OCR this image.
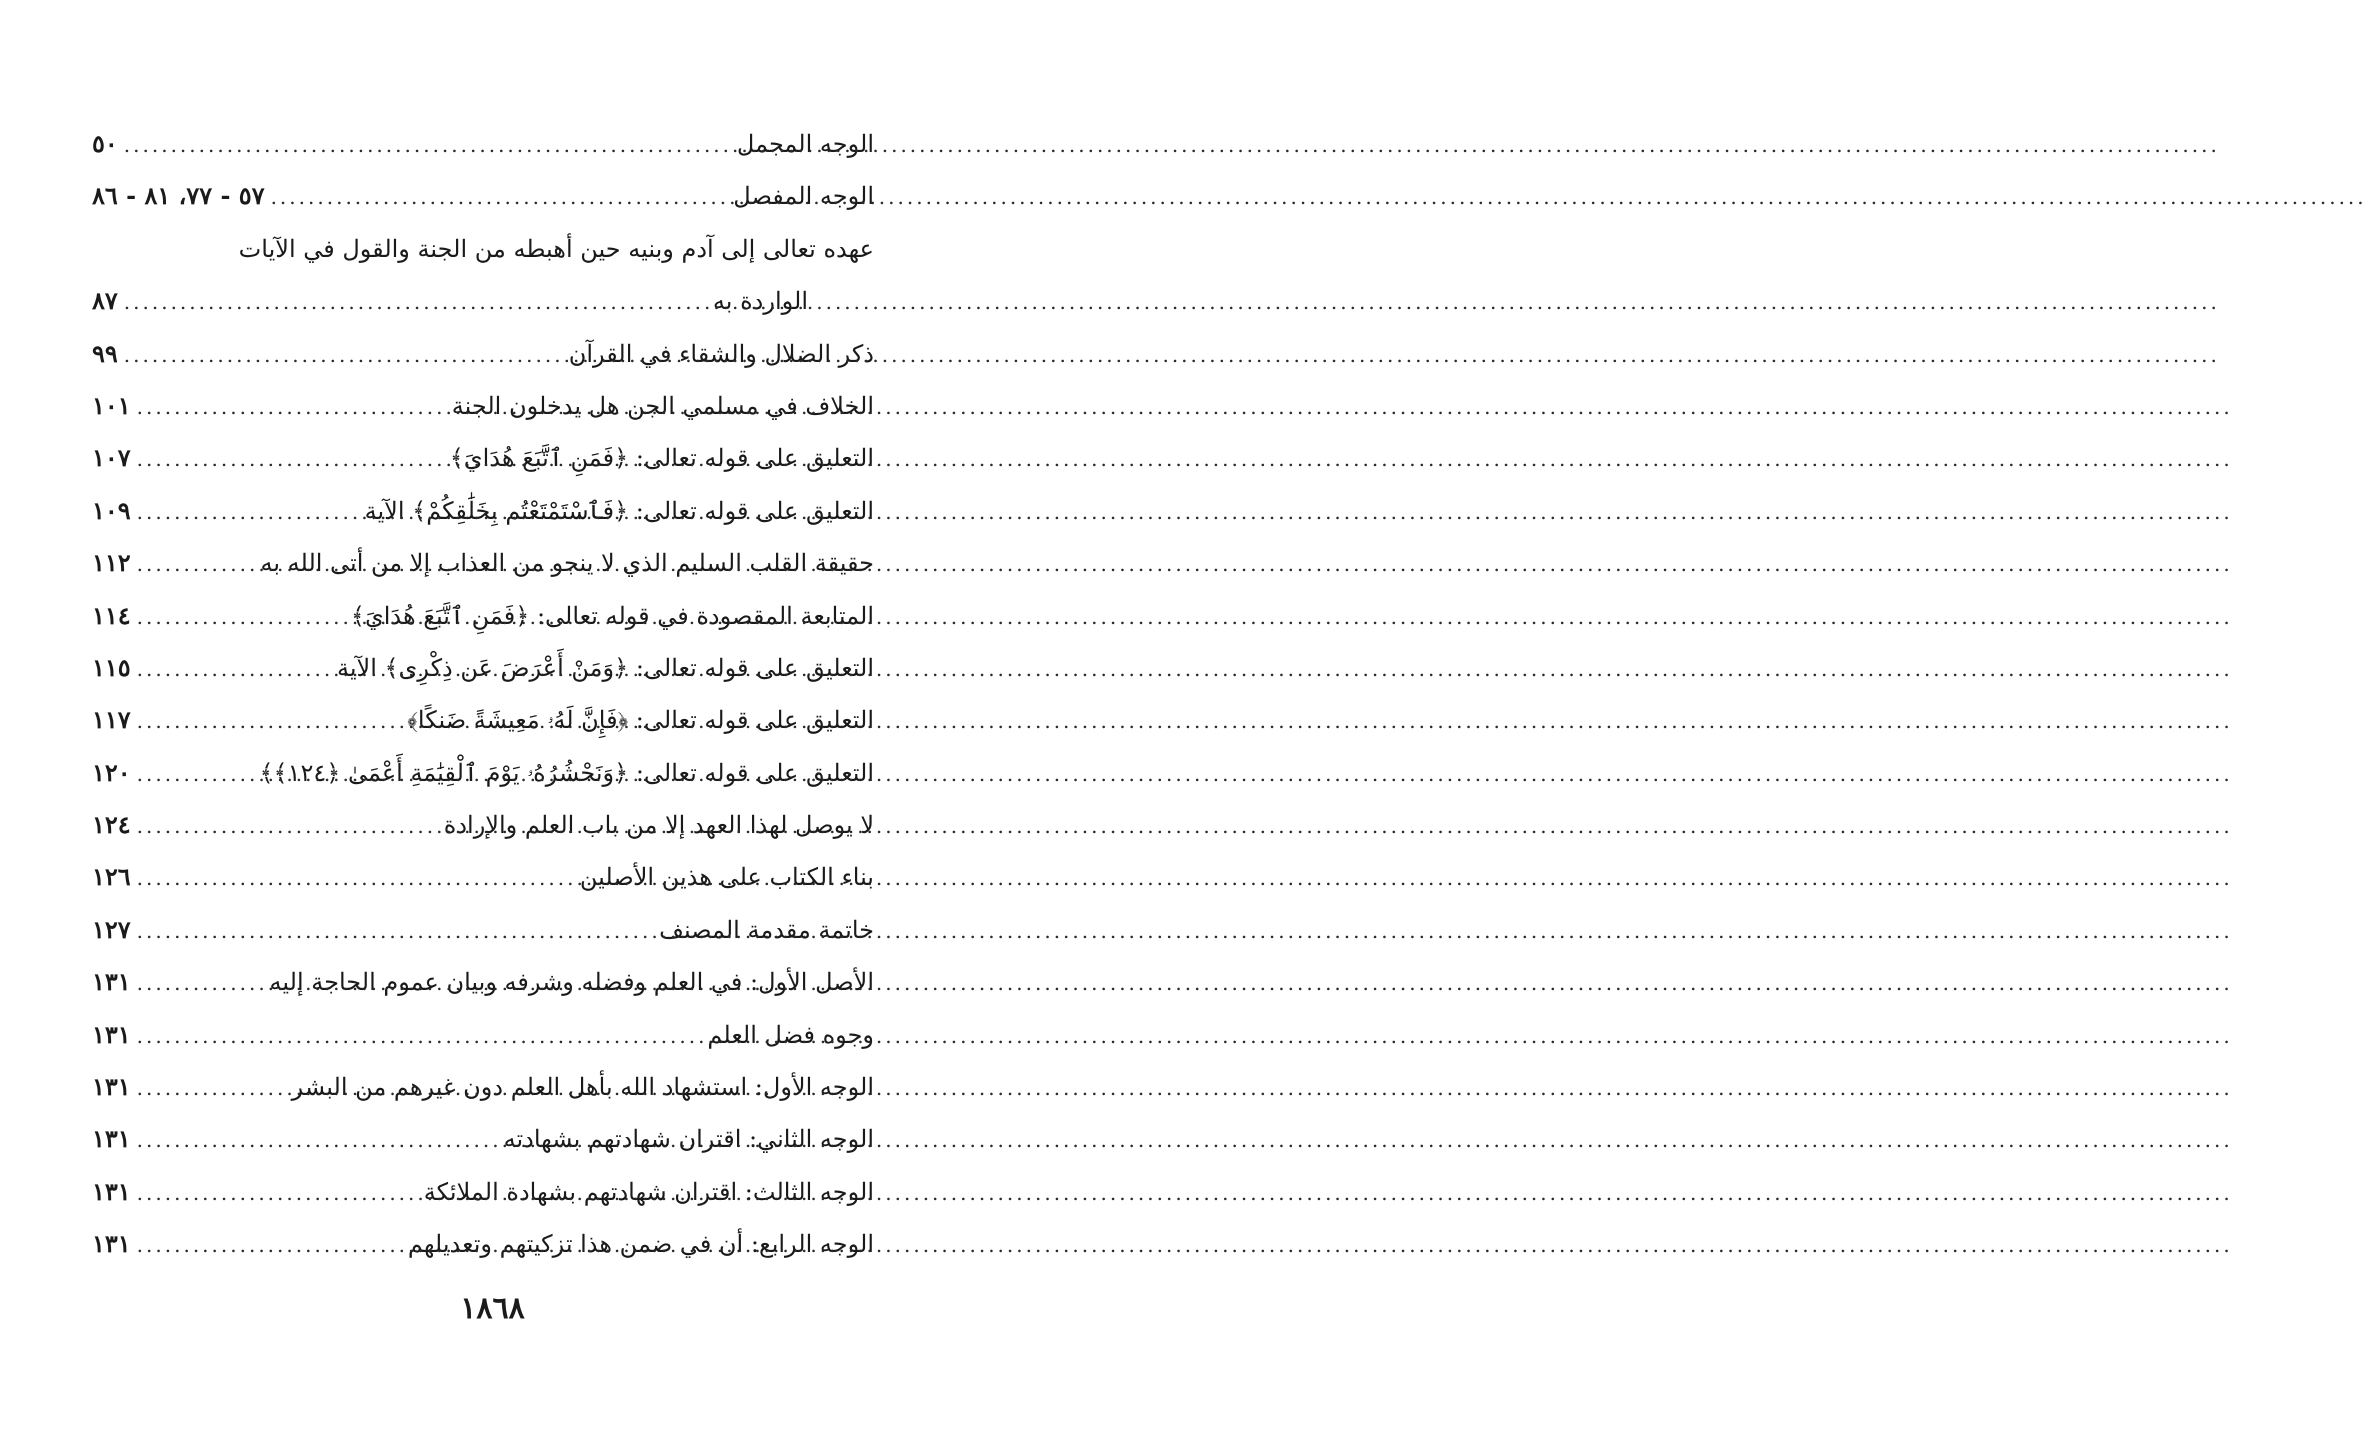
الوجه المجمل
.....
٥٠
الوجه المفصل
.....
٥٧ - ٧٧، ٨١ - ٨٦
عهده تعالى إلى آدم وبنيه حين أهبطه من الجنة والقول في الآيات
الواردة به
.....
٨٧
ذكر الضلال والشقاء في القرآن
.....
٩٩
الخلاف في مسلمي الجن هل يدخلون الجنة
.....
١٠١
التعليق على قوله تعالى: ﴿فَمَنِ ٱتَّبَعَ هُدَايَ﴾
.....
١٠٧
التعليق على قوله تعالى: ﴿فَٱسْتَمْتَعْتُم بِخَلَٰقِكُمْ﴾ الآية
.....
١٠٩
حقيقة القلب السليم الذي لا ينجو من العذاب إلا من أتى الله به
.....
١١٢
المتابعة المقصودة في قوله تعالى: ﴿فَمَنِ ٱتَّبَعَ هُدَايَ﴾
.....
١١٤
التعليق على قوله تعالى: ﴿وَمَنْ أَعْرَضَ عَن ذِكْرِى﴾ الآية
.....
١١٥
التعليق على قوله تعالى: ﴿فَإِنَّ لَهُۥ مَعِيشَةً ضَنكًا﴾
.....
١١٧
التعليق على قوله تعالى: ﴿وَنَحْشُرُهُۥ يَوْمَ ٱلْقِيَٰمَةِ أَعْمَىٰ ﴿١٢٤﴾﴾
.....
١٢٠
لا يوصل لهذا العهد إلا من باب العلم والإرادة
.....
١٢٤
بناء الكتاب على هذين الأصلين
.....
١٢٦
خاتمة مقدمة المصنف
.....
١٢٧
الأصل الأول: في العلم وفضله وشرفه وبيان عموم الحاجة إليه
.....
١٣١
وجوه فضل العلم
.....
١٣١
الوجه الأول: استشهاد الله بأهل العلم دون غيرهم من البشر
.....
١٣١
الوجه الثاني: اقتران شهادتهم بشهادته
.....
١٣١
الوجه الثالث: اقتران شهادتهم بشهادة الملائكة
.....
١٣١
الوجه الرابع: أن في ضمن هذا تزكيتهم وتعديلهم
.....
١٣١
١٨٦٨
